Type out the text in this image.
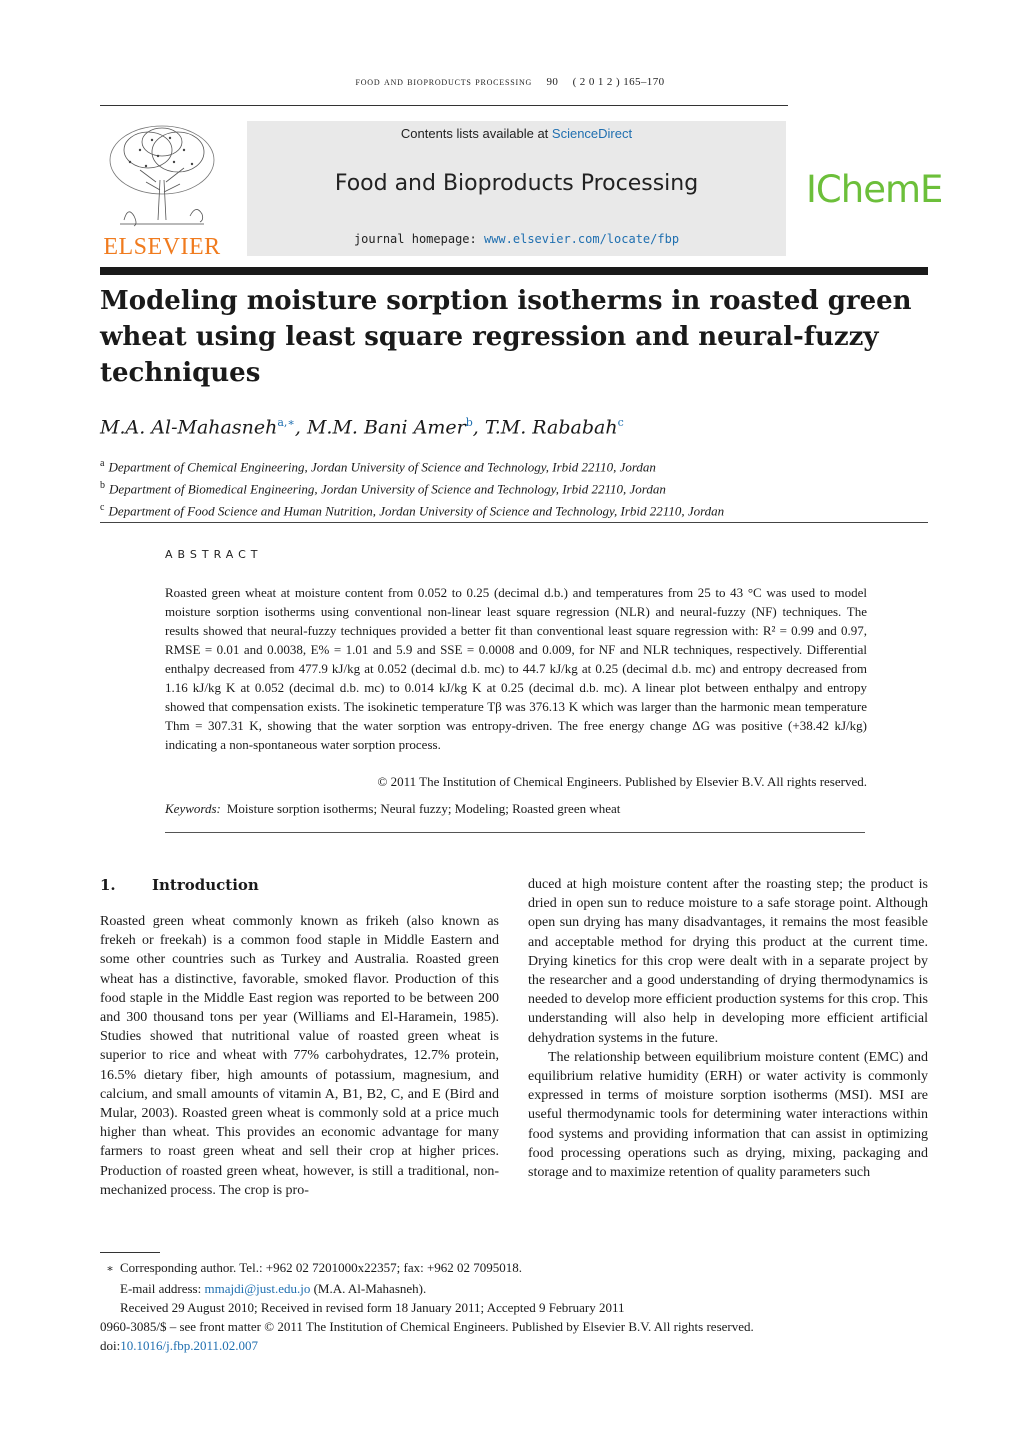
food and bioproducts processing 90 ( 2 0 1 2 ) 165–170
ELSEVIER
Contents lists available at ScienceDirect
Food and Bioproducts Processing
journal homepage: www.elsevier.com/locate/fbp
IChemE
Modeling moisture sorption isotherms in roasted green wheat using least square regression and neural-fuzzy techniques
M.A. Al-Mahasneh$^{a,∗}$, M.M. Bani Amer$^b$, T.M. Rababah$^c$
$^a$ Department of Chemical Engineering, Jordan University of Science and Technology, Irbid 22110, Jordan
$^b$ Department of Biomedical Engineering, Jordan University of Science and Technology, Irbid 22110, Jordan
$^c$ Department of Food Science and Human Nutrition, Jordan University of Science and Technology, Irbid 22110, Jordan
ABSTRACT
Roasted green wheat at moisture content from 0.052 to 0.25 (decimal d.b.) and temperatures from 25 to 43 °C was used to model moisture sorption isotherms using conventional non-linear least square regression (NLR) and neural-fuzzy (NF) techniques. The results showed that neural-fuzzy techniques provided a better fit than conventional least square regression with: R² = 0.99 and 0.97, RMSE = 0.01 and 0.0038, E% = 1.01 and 5.9 and SSE = 0.0008 and 0.009, for NF and NLR techniques, respectively. Differential enthalpy decreased from 477.9 kJ/kg at 0.052 (decimal d.b. mc) to 44.7 kJ/kg at 0.25 (decimal d.b. mc) and entropy decreased from 1.16 kJ/kg K at 0.052 (decimal d.b. mc) to 0.014 kJ/kg K at 0.25 (decimal d.b. mc). A linear plot between enthalpy and entropy showed that compensation exists. The isokinetic temperature Tβ was 376.13 K which was larger than the harmonic mean temperature Thm = 307.31 K, showing that the water sorption was entropy-driven. The free energy change ΔG was positive (+38.42 kJ/kg) indicating a non-spontaneous water sorption process.
© 2011 The Institution of Chemical Engineers. Published by Elsevier B.V. All rights reserved.
Keywords: Moisture sorption isotherms; Neural fuzzy; Modeling; Roasted green wheat
1. Introduction

Roasted green wheat commonly known as frikeh (also known as frekeh or freekah) is a common food staple in Middle Eastern and some other countries such as Turkey and Australia. Roasted green wheat has a distinctive, favorable, smoked flavor. Production of this food staple in the Middle East region was reported to be between 200 and 300 thousand tons per year (Williams and El-Haramein, 1985). Studies showed that nutritional value of roasted green wheat is superior to rice and wheat with 77% carbohydrates, 12.7% protein, 16.5% dietary fiber, high amounts of potassium, magnesium, and calcium, and small amounts of vitamin A, B1, B2, C, and E (Bird and Mular, 2003). Roasted green wheat is commonly sold at a price much higher than wheat. This provides an economic advantage for many farmers to roast green wheat and sell their crop at higher prices. Production of roasted green wheat, however, is still a traditional, non-mechanized process. The crop is pro-

duced at high moisture content after the roasting step; the product is dried in open sun to reduce moisture to a safe storage point. Although open sun drying has many disadvantages, it remains the most feasible and acceptable method for drying this product at the current time. Drying kinetics for this crop were dealt with in a separate project by the researcher and a good understanding of drying thermodynamics is needed to develop more efficient production systems for this crop. This understanding will also help in developing more efficient artificial dehydration systems in the future.

The relationship between equilibrium moisture content (EMC) and equilibrium relative humidity (ERH) or water activity is commonly expressed in terms of moisture sorption isotherms (MSI). MSI are useful thermodynamic tools for determining water interactions within food systems and providing information that can assist in optimizing food processing operations such as drying, mixing, packaging and storage and to maximize retention of quality parameters such

∗ Corresponding author. Tel.: +962 02 7201000x22357; fax: +962 02 7095018.
E-mail address: mmajdi@just.edu.jo (M.A. Al-Mahasneh).
Received 29 August 2010; Received in revised form 18 January 2011; Accepted 9 February 2011
0960-3085/$ – see front matter © 2011 The Institution of Chemical Engineers. Published by Elsevier B.V. All rights reserved.
doi:10.1016/j.fbp.2011.02.007
